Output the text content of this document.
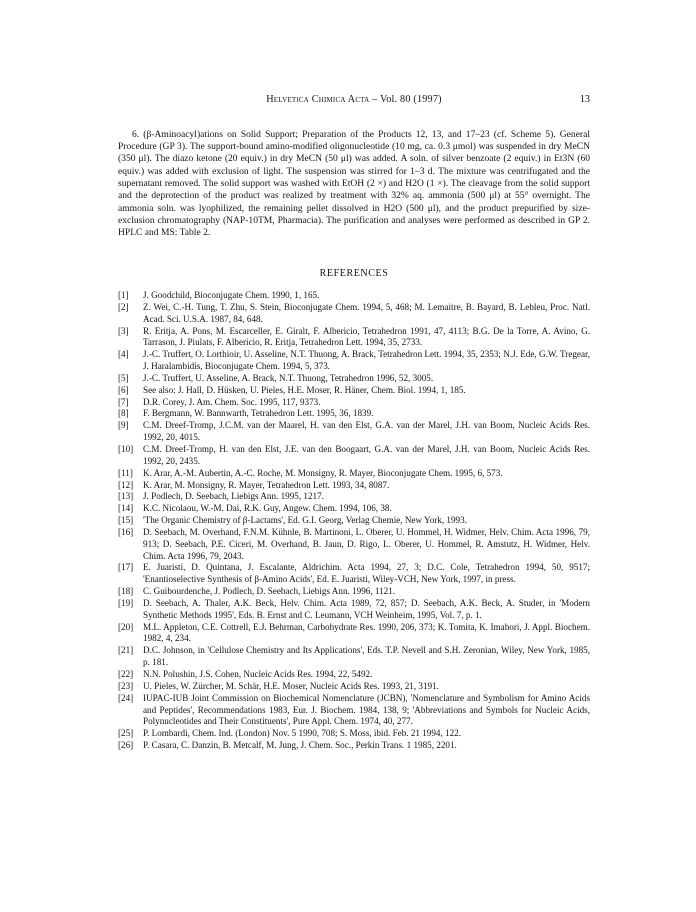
Helvetica Chimica Acta – Vol. 80 (1997)	13

6. (β-Aminoacyl)ations on Solid Support; Preparation of the Products 12, 13, and 17–23 (cf. Scheme 5). General Procedure (GP 3). The support-bound amino-modified oligonucleotide (10 mg, ca. 0.3 μmol) was suspended in dry MeCN (350 μl). The diazo ketone (20 equiv.) in dry MeCN (50 μl) was added. A soln. of silver benzoate (2 equiv.) in Et3N (60 equiv.) was added with exclusion of light. The suspension was stirred for 1–3 d. The mixture was centrifugated and the supernatant removed. The solid support was washed with EtOH (2 ×) and H2O (1 ×). The cleavage from the solid support and the deprotection of the product was realized by treatment with 32% aq. ammonia (500 μl) at 55° overnight. The ammonia soln. was lyophilized, the remaining pellet dissolved in H2O (500 μl), and the product prepurified by size-exclusion chromatography (NAP-10TM, Pharmacia). The purification and analyses were performed as described in GP 2. HPLC and MS: Table 2.

REFERENCES
[1]	J. Goodchild, Bioconjugate Chem. 1990, 1, 165.
[2]	Z. Wei, C.-H. Tung, T. Zhu, S. Stein, Bioconjugate Chem. 1994, 5, 468; M. Lemaitre, B. Bayard, B. Lebleu, Proc. Natl. Acad. Sci. U.S.A. 1987, 84, 648.
[3]	R. Eritja, A. Pons, M. Escarceller, E. Giralt, F. Albericio, Tetrahedron 1991, 47, 4113; B.G. De la Torre, A. Avino, G. Tarrason, J. Piulats, F. Albericio, R. Eritja, Tetrahedron Lett. 1994, 35, 2733.
[4]	J.-C. Truffert, O. Lorthioir, U. Asseline, N.T. Thuong, A. Brack, Tetrahedron Lett. 1994, 35, 2353; N.J. Ede, G.W. Tregear, J. Haralambidis, Bioconjugate Chem. 1994, 5, 373.
[5]	J.-C. Truffert, U. Asseline, A. Brack, N.T. Thuong, Tetrahedron 1996, 52, 3005.
[6]	See also: J. Hall, D. Hüsken, U. Pieles, H.E. Moser, R. Häner, Chem. Biol. 1994, 1, 185.
[7]	D.R. Corey, J. Am. Chem. Soc. 1995, 117, 9373.
[8]	F. Bergmann, W. Bannwarth, Tetrahedron Lett. 1995, 36, 1839.
[9]	C.M. Dreef-Tromp, J.C.M. van der Maarel, H. van den Elst, G.A. van der Marel, J.H. van Boom, Nucleic Acids Res. 1992, 20, 4015.
[10]	C.M. Dreef-Tromp, H. van den Elst, J.E. van den Boogaart, G.A. van der Marel, J.H. van Boom, Nucleic Acids Res. 1992, 20, 2435.
[11]	K. Arar, A.-M. Aubertin, A.-C. Roche, M. Monsigny, R. Mayer, Bioconjugate Chem. 1995, 6, 573.
[12]	K. Arar, M. Monsigny, R. Mayer, Tetrahedron Lett. 1993, 34, 8087.
[13]	J. Podlech, D. Seebach, Liebigs Ann. 1995, 1217.
[14]	K.C. Nicolaou, W.-M. Dai, R.K. Guy, Angew. Chem. 1994, 106, 38.
[15]	'The Organic Chemistry of β-Lactams', Ed. G.I. Georg, Verlag Chemie, New York, 1993.
[16]	D. Seebach, M. Overhand, F.N.M. Kühnle, B. Martinoni, L. Oberer, U. Hommel, H. Widmer, Helv. Chim. Acta 1996, 79, 913; D. Seebach, P.E. Ciceri, M. Overhand, B. Jaun, D. Rigo, L. Oberer, U. Hommel, R. Amstutz, H. Widmer, Helv. Chim. Acta 1996, 79, 2043.
[17]	E. Juaristi, D. Quintana, J. Escalante, Aldrichim. Acta 1994, 27, 3; D.C. Cole, Tetrahedron 1994, 50, 9517; 'Enantioselective Synthesis of β-Amino Acids', Ed. E. Juaristi, Wiley-VCH, New York, 1997, in press.
[18]	C. Guibourdenche, J. Podlech, D. Seebach, Liebigs Ann. 1996, 1121.
[19]	D. Seebach, A. Thaler, A.K. Beck, Helv. Chim. Acta 1989, 72, 857; D. Seebach, A.K. Beck, A. Studer, in 'Modern Synthetic Methods 1995', Eds. B. Ernst and C. Leumann, VCH Weinheim, 1995, Vol. 7, p. 1.
[20]	M.L. Appleton, C.E. Cottrell, E.J. Behrman, Carbohydrate Res. 1990, 206, 373; K. Tomita, K. Imahori, J. Appl. Biochem. 1982, 4, 234.
[21]	D.C. Johnson, in 'Cellulose Chemistry and Its Applications', Eds. T.P. Nevell and S.H. Zeronian, Wiley, New York, 1985, p. 181.
[22]	N.N. Polushin, J.S. Cohen, Nucleic Acids Res. 1994, 22, 5492.
[23]	U. Pieles, W. Zürcher, M. Schär, H.E. Moser, Nucleic Acids Res. 1993, 21, 3191.
[24]	IUPAC-IUB Joint Commission on Biochemical Nomenclature (JCBN), 'Nomenclature and Symbolism for Amino Acids and Peptides', Recommendations 1983, Eur. J. Biochem. 1984, 138, 9; 'Abbreviations and Symbols for Nucleic Acids, Polynucleotides and Their Constituents', Pure Appl. Chem. 1974, 40, 277.
[25]	P. Lombardi, Chem. Ind. (London) Nov. 5 1990, 708; S. Moss, ibid. Feb. 21 1994, 122.
[26]	P. Casara, C. Danzin, B. Metcalf, M. Jung, J. Chem. Soc., Perkin Trans. 1 1985, 2201.
